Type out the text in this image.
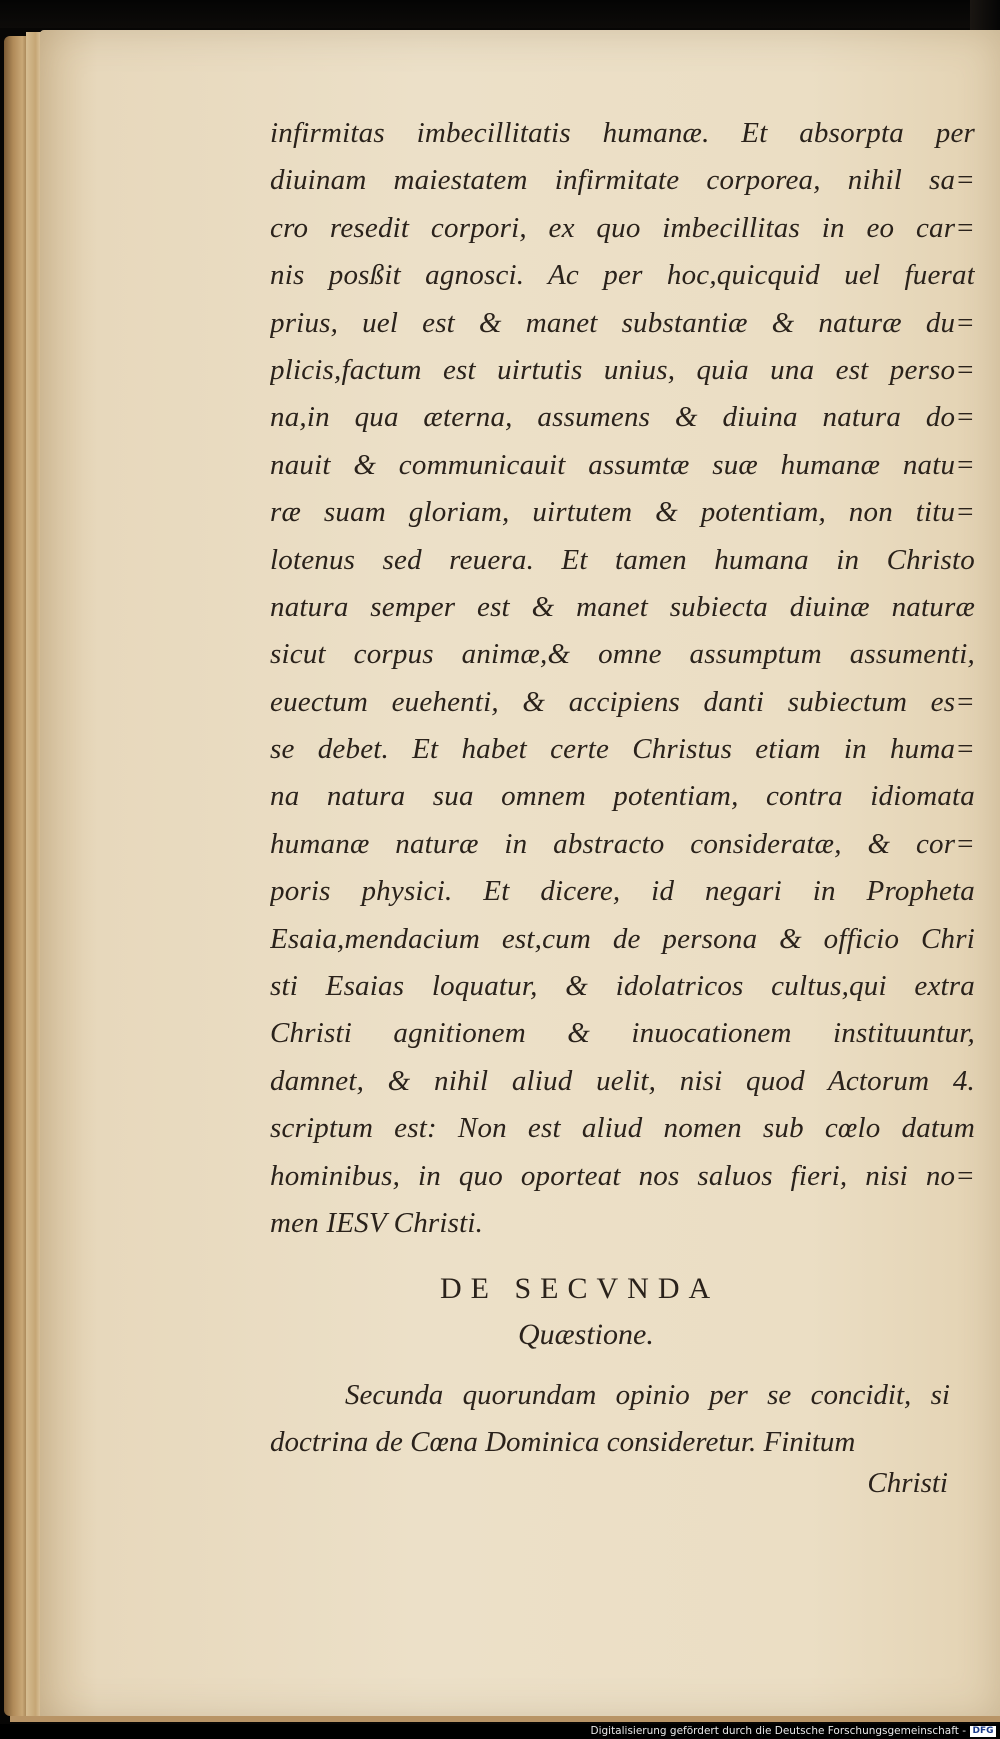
infirmitas imbecillitatis humanæ. Et absorpta per
diuinam maiestatem infirmitate corporea, nihil sa=
cro resedit corpori, ex quo imbecillitas in eo car=
nis posßit agnosci. Ac per hoc,quicquid uel fuerat
prius, uel est & manet substantiæ & naturæ du=
plicis,factum est uirtutis unius, quia una est perso=
na,in qua æterna, assumens & diuina natura do=
nauit & communicauit assumtæ suæ humanæ natu=
ræ suam gloriam, uirtutem & potentiam, non titu=
lotenus sed reuera. Et tamen humana in Christo
natura semper est & manet subiecta diuinæ naturæ
sicut corpus animæ,& omne assumptum assumenti,
euectum euehenti, & accipiens danti subiectum es=
se debet. Et habet certe Christus etiam in huma=
na natura sua omnem potentiam, contra idiomata
humanæ naturæ in abstracto consideratæ, & cor=
poris physici. Et dicere, id negari in Propheta
Esaia,mendacium est,cum de persona & officio Chri
sti Esaias loquatur, & idolatricos cultus,qui extra
Christi agnitionem & inuocationem instituuntur,
damnet, & nihil aliud uelit, nisi quod Actorum 4.
scriptum est: Non est aliud nomen sub cœlo datum
hominibus, in quo oporteat nos saluos fieri, nisi no=
men IESV Christi.
DE SECVNDA
Quæstione.
Secunda quorundam opinio per se concidit, si
doctrina de Cœna Dominica consideretur. Finitum
Christi
Digitalisierung gefördert durch die Deutsche Forschungsgemeinschaft - DFG
